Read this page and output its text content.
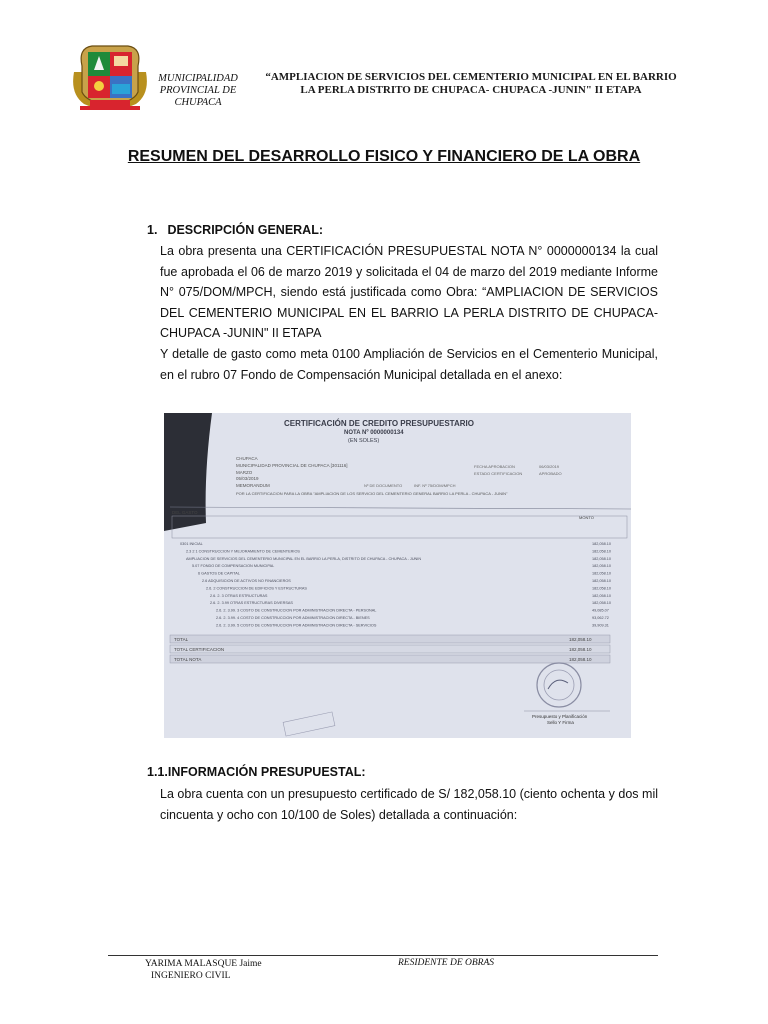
MUNICIPALIDAD PROVINCIAL DE CHUPACA
“AMPLIACION DE SERVICIOS DEL CEMENTERIO MUNICIPAL EN EL BARRIO
LA PERLA DISTRITO DE CHUPACA- CHUPACA -JUNIN" II ETAPA
RESUMEN DEL DESARROLLO FISICO Y FINANCIERO DE LA OBRA
1. DESCRIPCIÓN GENERAL:
La obra presenta una CERTIFICACIÓN PRESUPUESTAL NOTA N° 0000000134 la cual fue aprobada el 06 de marzo 2019 y solicitada el 04 de marzo del 2019 mediante Informe N° 075/DOM/MPCH, siendo está justificada como Obra: “AMPLIACION DE SERVICIOS DEL CEMENTERIO MUNICIPAL EN EL BARRIO LA PERLA DISTRITO DE CHUPACA- CHUPACA -JUNIN" II ETAPA
Y detalle de gasto como meta 0100 Ampliación de Servicios en el Cementerio Municipal, en el rubro 07 Fondo de Compensación Municipal detallada en el anexo:
CERTIFICACIÓN DE CREDITO PRESUPUESTARIO
NOTA Nº 0000000134
(EN SOLES)
CHUPACA
MUNICIPALIDAD PROVINCIAL DE CHUPACA [301116]
MARZO
05/03/2019
MEMORANDUM
POR LA CERTIFICACION PARA LA OBRA "AMPLIACION DE LOS SERVICIO DEL CEMENTERIO GENERAL BARRIO LA PERLA - CHUPACA - JUNIN"
FECHA APROBACION	06/03/2019
ESTADO CERTIFICACION	APROBADO
Nº DE DOCUMENTO	INF. Nº 75/DOM/MPCH
DEL GASTO
MONTO
0301 INICIAL	182,058.10
2.3 2 1 CONSTRUCCION Y MEJORAMIENTO DE CEMENTERIOS	182,058.10
AMPLIACION DE SERVICIOS DEL CEMENTERIO MUNICIPAL EN EL BARRIO LA PERLA, DISTRITO DE CHUPACA - CHUPACA - JUNIN	182,058.10
5.07 FONDO DE COMPENSACION MUNICIPAL	182,058.10
6 GASTOS DE CAPITAL	182,058.10
2.6 ADQUISICION DE ACTIVOS NO FINANCIEROS	182,058.10
2.6. 2 CONSTRUCCION DE EDIFICIOS Y ESTRUCTURAS	182,058.10
2.6. 2. 3 OTRAS ESTRUCTURAS	182,058.10
2.6. 2. 3.99 OTRAS ESTRUCTURAS DIVERSAS	182,058.10
2.6. 2. 3.99. 3 COSTO DE CONSTRUCCION POR ADMINISTRACION DIRECTA - PERSONAL	49,085.07
2.6. 2. 3.99. 4 COSTO DE CONSTRUCCION POR ADMINISTRACION DIRECTA - BIENES	93,062.72
2.6. 2. 3.99. 5 COSTO DE CONSTRUCCION POR ADMINISTRACION DIRECTA - SERVICIOS	39,909.31
TOTAL	182,058.10
TOTAL CERTIFICACION	182,058.10
TOTAL NOTA	182,058.10
Presupuesto y Planificación
Sello Y Firma
1.1.INFORMACIÓN PRESUPUESTAL:
La obra cuenta con un presupuesto certificado de S/ 182,058.10 (ciento ochenta y dos mil cincuenta y ocho con 10/100 de Soles) detallada a continuación:
YARIMA MALASQUE Jaime
INGENIERO CIVIL
RESIDENTE DE OBRAS
